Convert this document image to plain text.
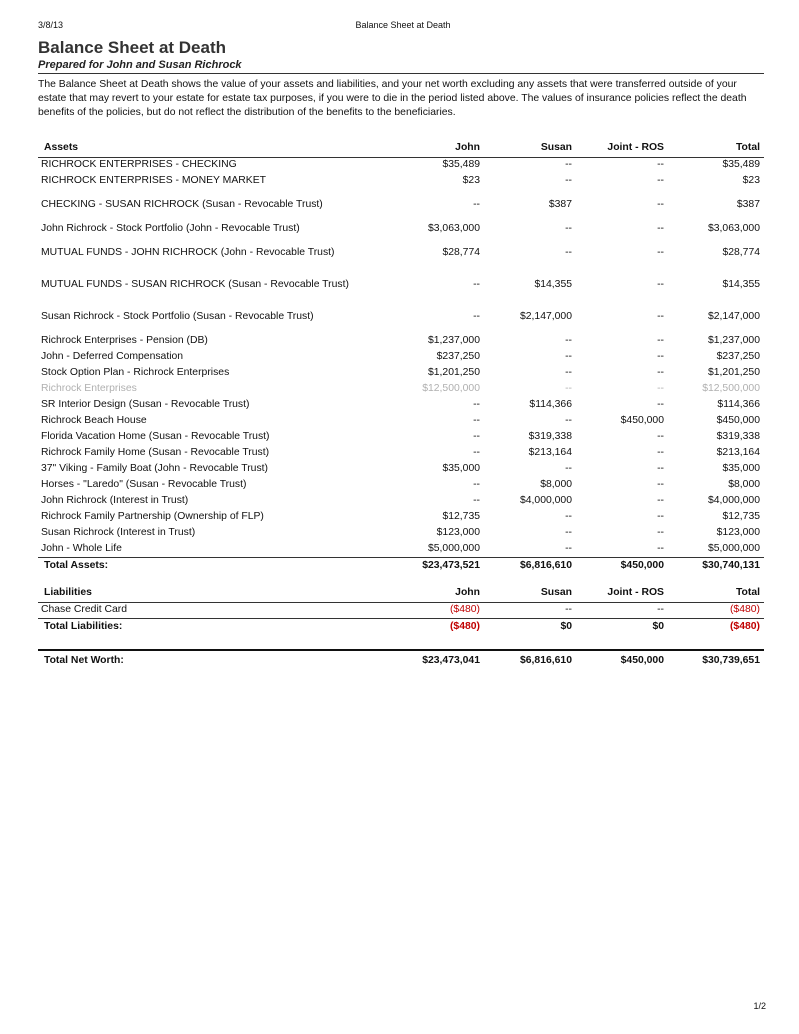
3/8/13	Balance Sheet at Death
Balance Sheet at Death
Prepared for John and Susan Richrock

The Balance Sheet at Death shows the value of your assets and liabilities, and your net worth excluding any assets that were transferred outside of your estate that may revert to your estate for estate tax purposes, if you were to die in the period listed above. The values of insurance policies reflect the death benefits of the policies, but do not reflect the distribution of the benefits to the beneficiaries.

Assets	John	Susan	Joint - ROS	Total
RICHROCK ENTERPRISES - CHECKING	$35,489	--	--	$35,489
RICHROCK ENTERPRISES - MONEY MARKET	$23	--	--	$23
CHECKING - SUSAN RICHROCK (Susan - Revocable Trust)	--	$387	--	$387
John Richrock - Stock Portfolio (John - Revocable Trust)	$3,063,000	--	--	$3,063,000
MUTUAL FUNDS - JOHN RICHROCK (John - Revocable Trust)	$28,774	--	--	$28,774
MUTUAL FUNDS - SUSAN RICHROCK (Susan - Revocable Trust)	--	$14,355	--	$14,355
Susan Richrock - Stock Portfolio (Susan - Revocable Trust)	--	$2,147,000	--	$2,147,000
Richrock Enterprises - Pension (DB)	$1,237,000	--	--	$1,237,000
John - Deferred Compensation	$237,250	--	--	$237,250
Stock Option Plan - Richrock Enterprises	$1,201,250	--	--	$1,201,250
Richrock Enterprises	$12,500,000	--	--	$12,500,000
SR Interior Design (Susan - Revocable Trust)	--	$114,366	--	$114,366
Richrock Beach House	--	--	$450,000	$450,000
Florida Vacation Home (Susan - Revocable Trust)	--	$319,338	--	$319,338
Richrock Family Home (Susan - Revocable Trust)	--	$213,164	--	$213,164
37" Viking - Family Boat (John - Revocable Trust)	$35,000	--	--	$35,000
Horses - "Laredo" (Susan - Revocable Trust)	--	$8,000	--	$8,000
John Richrock (Interest in Trust)	--	$4,000,000	--	$4,000,000
Richrock Family Partnership (Ownership of FLP)	$12,735	--	--	$12,735
Susan Richrock (Interest in Trust)	$123,000	--	--	$123,000
John - Whole Life	$5,000,000	--	--	$5,000,000
Total Assets:	$23,473,521	$6,816,610	$450,000	$30,740,131
Liabilities	John	Susan	Joint - ROS	Total
Chase Credit Card	($480)	--	--	($480)
Total Liabilities:	($480)	$0	$0	($480)
Total Net Worth:	$23,473,041	$6,816,610	$450,000	$30,739,651
1/2
